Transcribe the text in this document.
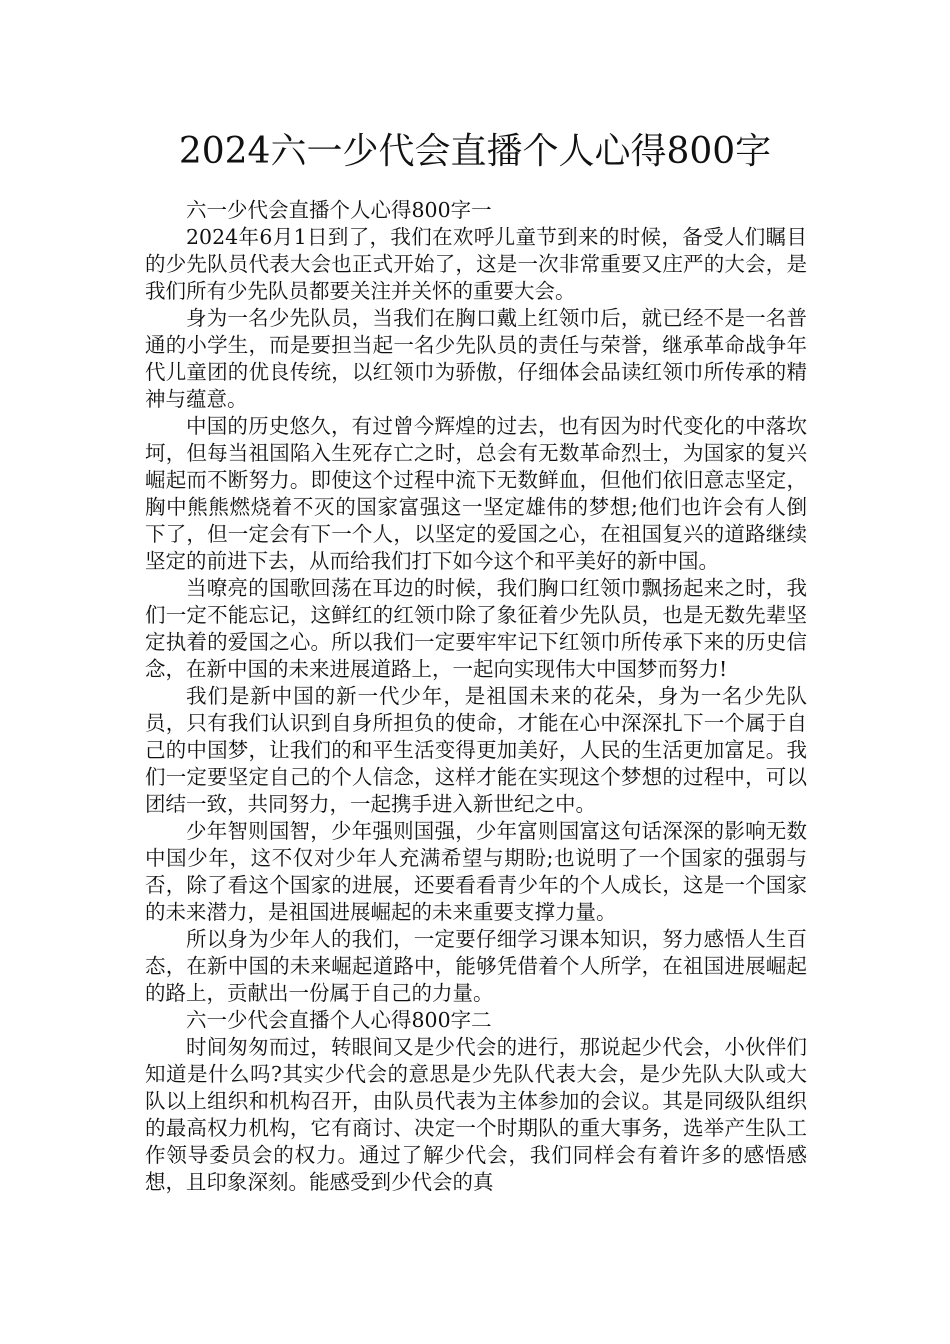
2024六一少代会直播个人心得800字

六一少代会直播个人心得800字一

2024年6月1日到了，我们在欢呼儿童节到来的时候，备受人们瞩目的少先队员代表大会也正式开始了，这是一次非常重要又庄严的大会，是我们所有少先队员都要关注并关怀的重要大会。

身为一名少先队员，当我们在胸口戴上红领巾后，就已经不是一名普通的小学生，而是要担当起一名少先队员的责任与荣誉，继承革命战争年代儿童团的优良传统，以红领巾为骄傲，仔细体会品读红领巾所传承的精神与蕴意。

中国的历史悠久，有过曾今辉煌的过去，也有因为时代变化的中落坎坷，但每当祖国陷入生死存亡之时，总会有无数革命烈士，为国家的复兴崛起而不断努力。即使这个过程中流下无数鲜血，但他们依旧意志坚定，胸中熊熊燃烧着不灭的国家富强这一坚定雄伟的梦想;他们也许会有人倒下了，但一定会有下一个人，以坚定的爱国之心，在祖国复兴的道路继续坚定的前进下去，从而给我们打下如今这个和平美好的新中国。

当嘹亮的国歌回荡在耳边的时候，我们胸口红领巾飘扬起来之时，我们一定不能忘记，这鲜红的红领巾除了象征着少先队员，也是无数先辈坚定执着的爱国之心。所以我们一定要牢牢记下红领巾所传承下来的历史信念，在新中国的未来进展道路上，一起向实现伟大中国梦而努力!

我们是新中国的新一代少年，是祖国未来的花朵，身为一名少先队员，只有我们认识到自身所担负的使命，才能在心中深深扎下一个属于自己的中国梦，让我们的和平生活变得更加美好，人民的生活更加富足。我们一定要坚定自己的个人信念，这样才能在实现这个梦想的过程中，可以团结一致，共同努力，一起携手进入新世纪之中。

少年智则国智，少年强则国强，少年富则国富这句话深深的影响无数中国少年，这不仅对少年人充满希望与期盼;也说明了一个国家的强弱与否，除了看这个国家的进展，还要看看青少年的个人成长，这是一个国家的未来潜力，是祖国进展崛起的未来重要支撑力量。

所以身为少年人的我们，一定要仔细学习课本知识，努力感悟人生百态，在新中国的未来崛起道路中，能够凭借着个人所学，在祖国进展崛起的路上，贡献出一份属于自己的力量。

六一少代会直播个人心得800字二

时间匆匆而过，转眼间又是少代会的进行，那说起少代会，小伙伴们知道是什么吗?其实少代会的意思是少先队代表大会，是少先队大队或大队以上组织和机构召开，由队员代表为主体参加的会议。其是同级队组织的最高权力机构，它有商讨、决定一个时期队的重大事务，选举产生队工作领导委员会的权力。通过了解少代会，我们同样会有着许多的感悟感想，且印象深刻。能感受到少代会的真
